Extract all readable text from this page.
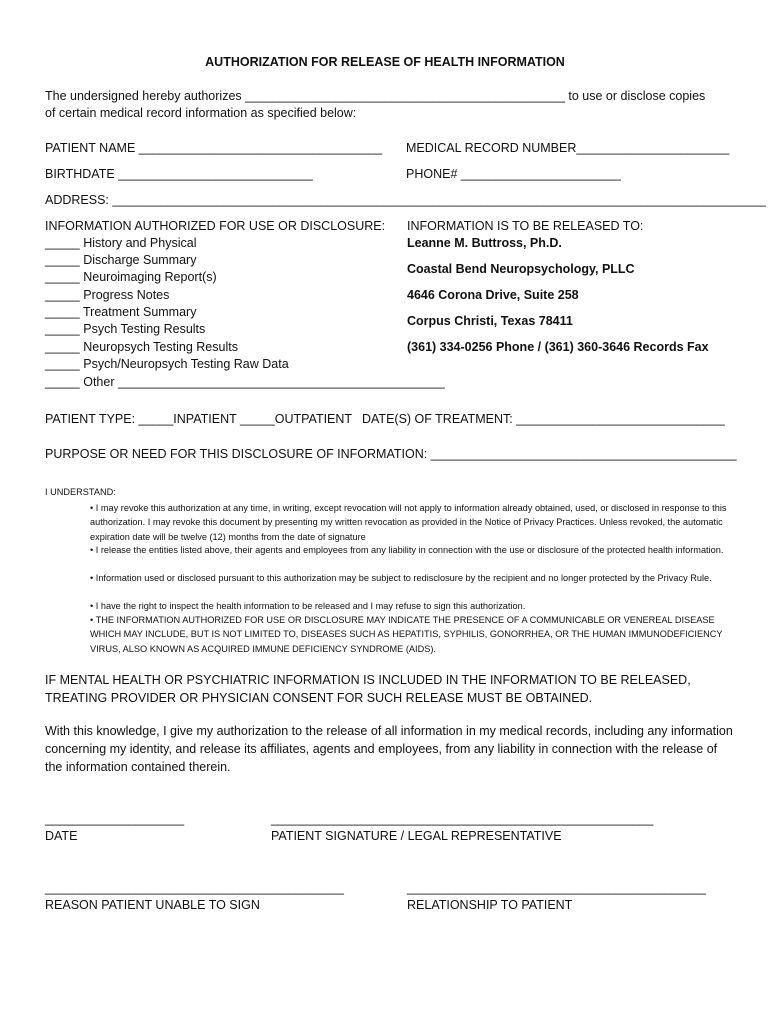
AUTHORIZATION FOR RELEASE OF HEALTH INFORMATION
The undersigned hereby authorizes ______________________________________________ to use or disclose copies
of certain medical record information as specified below:
PATIENT NAME ___________________________________ MEDICAL RECORD NUMBER______________________
BIRTHDATE ____________________________	PHONE# _______________________
ADDRESS: ______________________________________________________________________________________________
INFORMATION AUTHORIZED FOR USE OR DISCLOSURE:
_____ History and Physical
_____ Discharge Summary
_____ Neuroimaging Report(s)
_____ Progress Notes
_____ Treatment Summary
_____ Psych Testing Results
_____ Neuropsych Testing Results
_____ Psych/Neuropsych Testing Raw Data
_____ Other _______________________________________________
INFORMATION IS TO BE RELEASED TO:
Leanne M. Buttross, Ph.D.
Coastal Bend Neuropsychology, PLLC
4646 Corona Drive, Suite 258
Corpus Christi, Texas 78411
(361) 334-0256 Phone / (361) 360-3646 Records Fax
PATIENT TYPE: _____INPATIENT _____OUTPATIENT DATE(S) OF TREATMENT: ______________________________
PURPOSE OR NEED FOR THIS DISCLOSURE OF INFORMATION: ____________________________________________
I UNDERSTAND:
• I may revoke this authorization at any time, in writing, except revocation will not apply to information already obtained, used, or disclosed in response to this authorization. I may revoke this document by presenting my written revocation as provided in the Notice of Privacy Practices. Unless revoked, the automatic expiration date will be twelve (12) months from the date of signature
• I release the entities listed above, their agents and employees from any liability in connection with the use or disclosure of the protected health information.
• Information used or disclosed pursuant to this authorization may be subject to redisclosure by the recipient and no longer protected by the Privacy Rule.
• I have the right to inspect the health information to be released and I may refuse to sign this authorization.
• THE INFORMATION AUTHORIZED FOR USE OR DISCLOSURE MAY INDICATE THE PRESENCE OF A COMMUNICABLE OR VENEREAL DISEASE WHICH MAY INCLUDE, BUT IS NOT LIMITED TO, DISEASES SUCH AS HEPATITIS, SYPHILIS, GONORRHEA, OR THE HUMAN IMMUNODEFICIENCY VIRUS, ALSO KNOWN AS ACQUIRED IMMUNE DEFICIENCY SYNDROME (AIDS).
IF MENTAL HEALTH OR PSYCHIATRIC INFORMATION IS INCLUDED IN THE INFORMATION TO BE RELEASED, TREATING PROVIDER OR PHYSICIAN CONSENT FOR SUCH RELEASE MUST BE OBTAINED.
With this knowledge, I give my authorization to the release of all information in my medical records, including any information concerning my identity, and release its affiliates, agents and employees, from any liability in connection with the release of the information contained therein.
____________________
DATE
_______________________________________________________
PATIENT SIGNATURE / LEGAL REPRESENTATIVE
___________________________________________
REASON PATIENT UNABLE TO SIGN
___________________________________________
RELATIONSHIP TO PATIENT
